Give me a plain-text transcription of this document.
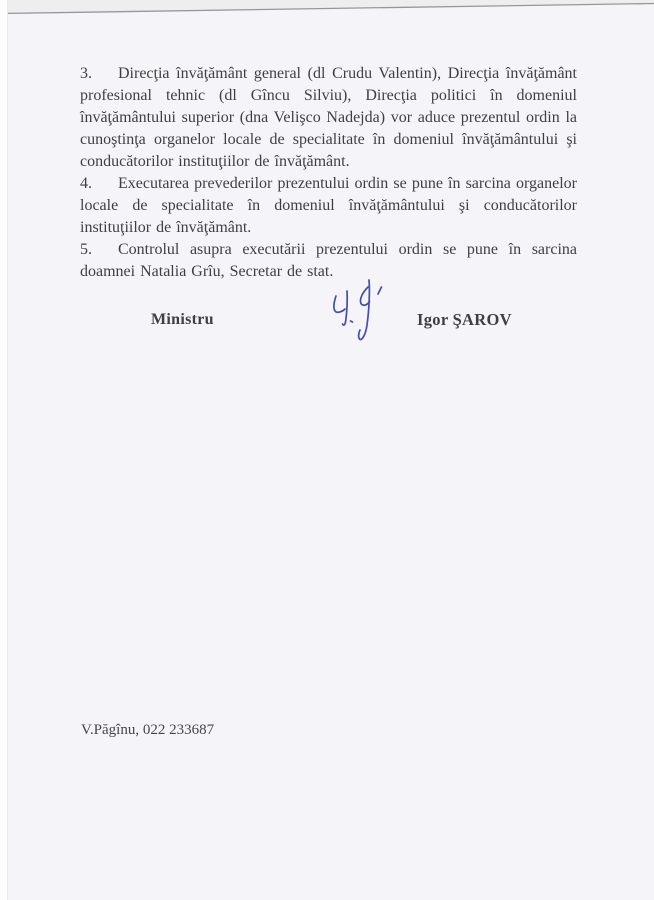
3. Direcţia învăţământ general (dl Crudu Valentin), Direcţia învăţământ profesional tehnic (dl Gîncu Silviu), Direcţia politici în domeniul învăţământului superior (dna Velişco Nadejda) vor aduce prezentul ordin la cunoştinţa organelor locale de specialitate în domeniul învăţământului şi conducătorilor instituţiilor de învăţământ.

4. Executarea prevederilor prezentului ordin se pune în sarcina organelor locale de specialitate în domeniul învăţământului şi conducătorilor instituţiilor de învăţământ.

5. Controlul asupra executării prezentului ordin se pune în sarcina doamnei Natalia Grîu, Secretar de stat.

Ministru	Igor ŞAROV
V.Păgînu, 022 233687
